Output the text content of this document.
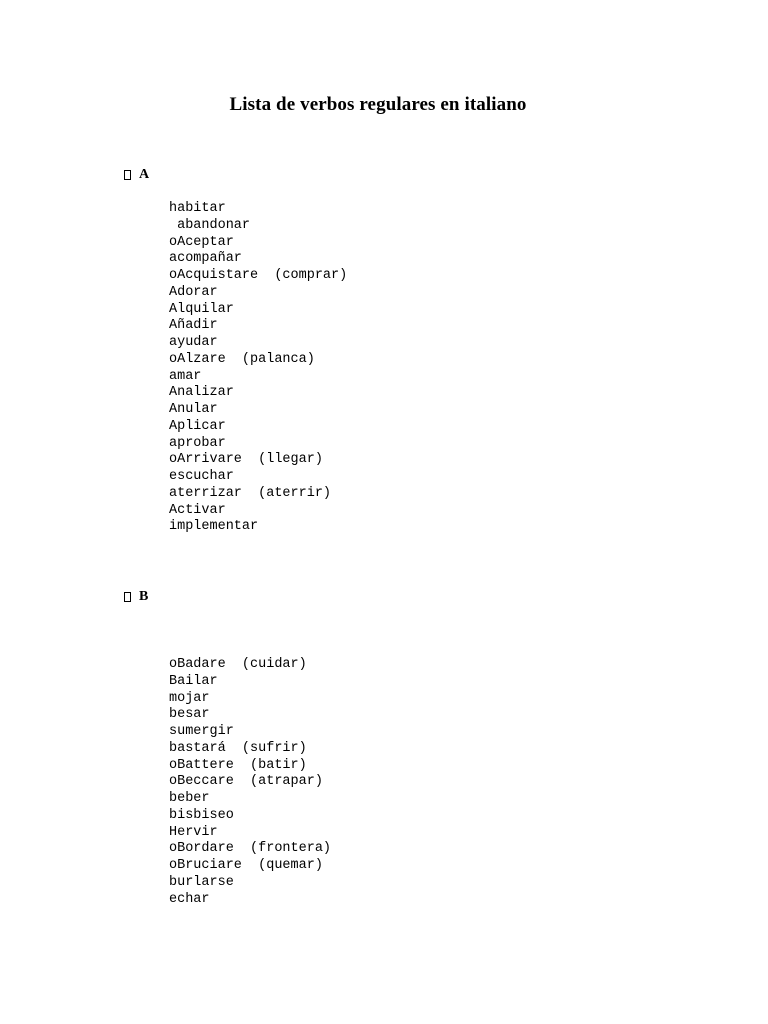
Lista de verbos regulares en italiano
A
habitar
abandonar
oAceptar
acompañar
oAcquistare  (comprar)
Adorar
Alquilar
Añadir
ayudar
oAlzare  (palanca)
amar
Analizar
Anular
Aplicar
aprobar
oArrivare  (llegar)
escuchar
aterrizar  (aterrir)
Activar
implementar
B
oBadare  (cuidar)
Bailar
mojar
besar
sumergir
bastará  (sufrir)
oBattere  (batir)
oBeccare  (atrapar)
beber
bisbiseo
Hervir
oBordare  (frontera)
oBruciare  (quemar)
burlarse
echar
